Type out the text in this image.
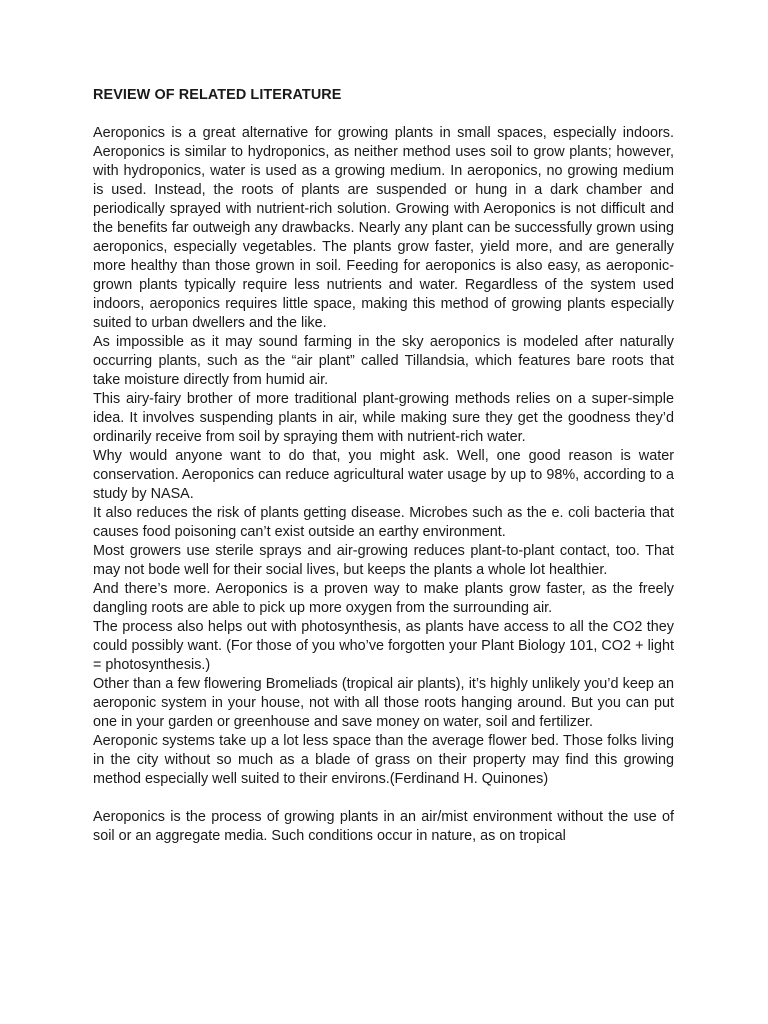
REVIEW OF RELATED LITERATURE

Aeroponics is a great alternative for growing plants in small spaces, especially indoors. Aeroponics is similar to hydroponics, as neither method uses soil to grow plants; however, with hydroponics, water is used as a growing medium. In aeroponics, no growing medium is used. Instead, the roots of plants are suspended or hung in a dark chamber and periodically sprayed with nutrient-rich solution. Growing with Aeroponics is not difficult and the benefits far outweigh any drawbacks. Nearly any plant can be successfully grown using aeroponics, especially vegetables. The plants grow faster, yield more, and are generally more healthy than those grown in soil. Feeding for aeroponics is also easy, as aeroponic-grown plants typically require less nutrients and water. Regardless of the system used indoors, aeroponics requires little space, making this method of growing plants especially suited to urban dwellers and the like.

As impossible as it may sound farming in the sky aeroponics is modeled after naturally occurring plants, such as the “air plant” called Tillandsia, which features bare roots that take moisture directly from humid air.

This airy-fairy brother of more traditional plant-growing methods relies on a super-simple idea. It involves suspending plants in air, while making sure they get the goodness they’d ordinarily receive from soil by spraying them with nutrient-rich water.

Why would anyone want to do that, you might ask. Well, one good reason is water conservation. Aeroponics can reduce agricultural water usage by up to 98%, according to a study by NASA.

It also reduces the risk of plants getting disease. Microbes such as the e. coli bacteria that causes food poisoning can’t exist outside an earthy environment.

Most growers use sterile sprays and air-growing reduces plant-to-plant contact, too. That may not bode well for their social lives, but keeps the plants a whole lot healthier.

And there’s more. Aeroponics is a proven way to make plants grow faster, as the freely dangling roots are able to pick up more oxygen from the surrounding air.

The process also helps out with photosynthesis, as plants have access to all the CO2 they could possibly want. (For those of you who’ve forgotten your Plant Biology 101, CO2 + light = photosynthesis.)

Other than a few flowering Bromeliads (tropical air plants), it’s highly unlikely you’d keep an aeroponic system in your house, not with all those roots hanging around. But you can put one in your garden or greenhouse and save money on water, soil and fertilizer.

Aeroponic systems take up a lot less space than the average flower bed. Those folks living in the city without so much as a blade of grass on their property may find this growing method especially well suited to their environs.(Ferdinand H. Quinones)

Aeroponics is the process of growing plants in an air/mist environment without the use of soil or an aggregate media. Such conditions occur in nature, as on tropical
